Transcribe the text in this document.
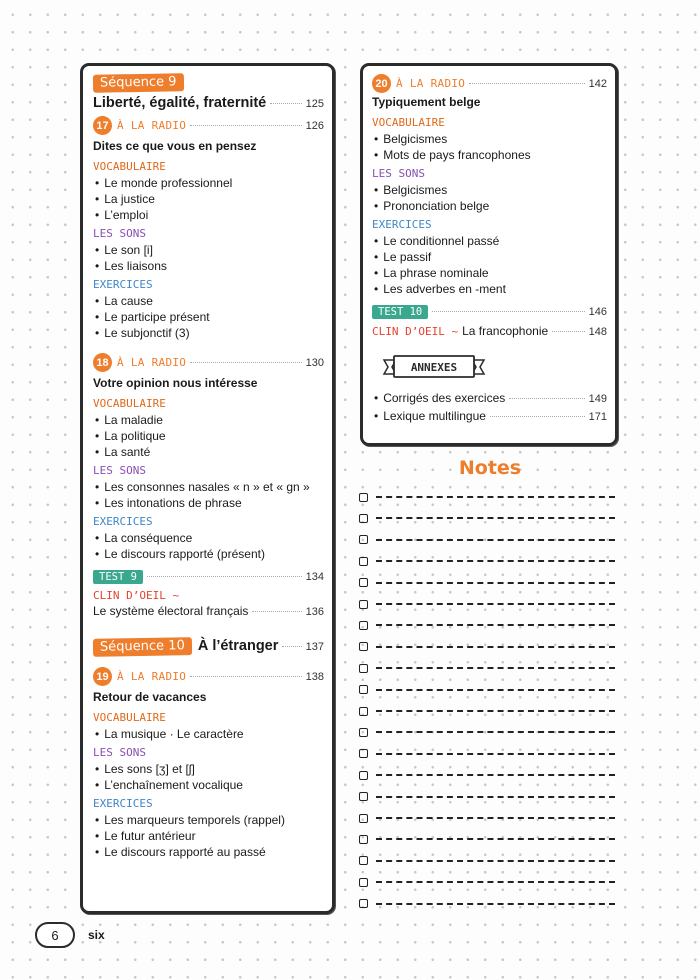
Séquence 9
Liberté, égalité, fraternité	125
17 À LA RADIO	126
Dites ce que vous en pensez
VOCABULAIRE
• Le monde professionnel
• La justice
• L’emploi
LES SONS
• Le son [i]
• Les liaisons
EXERCICES
• La cause
• Le participe présent
• Le subjonctif (3)
18 À LA RADIO	130
Votre opinion nous intéresse
VOCABULAIRE
• La maladie
• La politique
• La santé
LES SONS
• Les consonnes nasales « n » et « gn »
• Les intonations de phrase
EXERCICES
• La conséquence
• Le discours rapporté (présent)
TEST 9	134
CLIN D’OEIL ~
Le système électoral français	136
Séquence 10 À l’étranger 137
19 À LA RADIO	138
Retour de vacances
VOCABULAIRE
• La musique · Le caractère
LES SONS
• Les sons [ʒ] et [ʃ]
• L’enchaînement vocalique
EXERCICES
• Les marqueurs temporels (rappel)
• Le futur antérieur
• Le discours rapporté au passé
20 À LA RADIO	142
Typiquement belge
VOCABULAIRE
• Belgicismes
• Mots de pays francophones
LES SONS
• Belgicismes
• Prononciation belge
EXERCICES
• Le conditionnel passé
• Le passif
• La phrase nominale
• Les adverbes en -ment
TEST 10	146
CLIN D’OEIL ~ La francophonie	148
ANNEXES
• Corrigés des exercices	149
• Lexique multilingue	171
Notes
6	six
